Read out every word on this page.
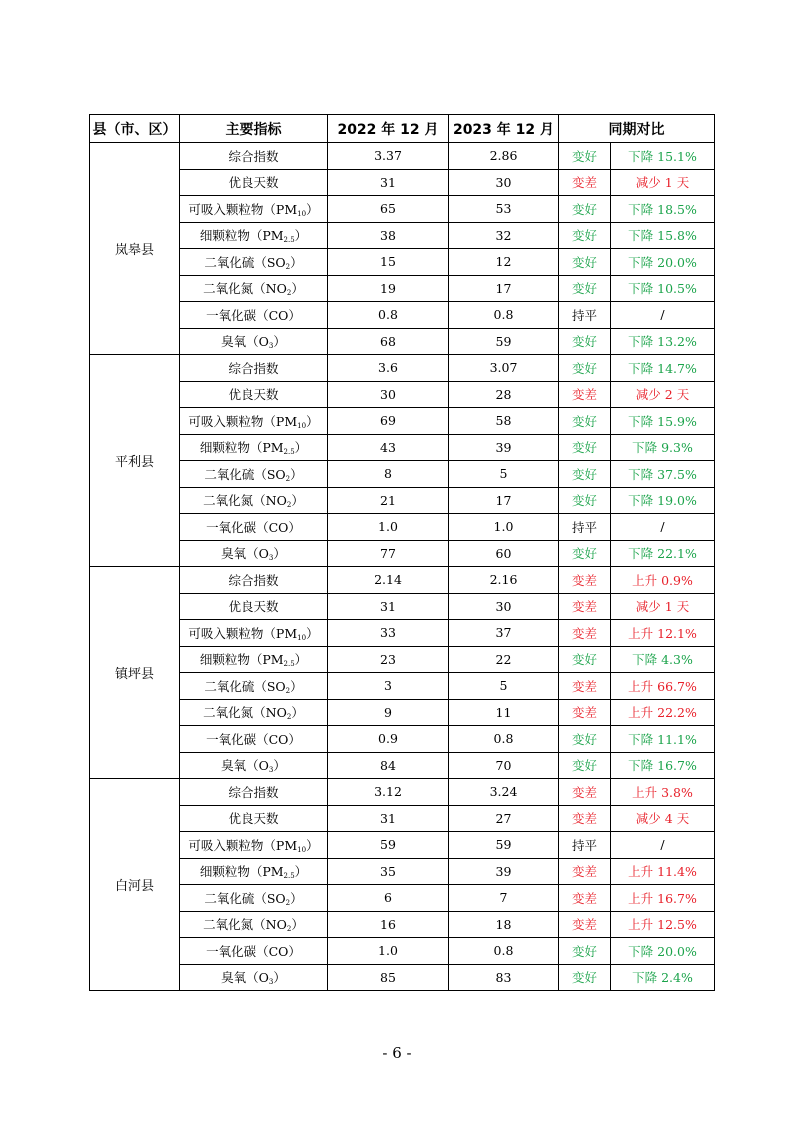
县（市、区）	主要指标	2022 年 12 月	2023 年 12 月	同期对比	
岚皋县	综合指数	3.37	2.86	变好	下降 15.1%
	优良天数	31	30	变差	减少 1 天
	可吸入颗粒物$(PM_{10})$	65	53	变好	下降 18.5%
	细颗粒物$(PM_{2.5})$	38	32	变好	下降 15.8%
	二氧化硫$(SO_2)$	15	12	变好	下降 20.0%
	二氧化氮$(NO_2)$	19	17	变好	下降 10.5%
	一氧化碳（CO）	0.8	0.8	持平	/
	臭氧$(O_3)$	68	59	变好	下降 13.2%
平利县	综合指数	3.6	3.07	变好	下降 14.7%
	优良天数	30	28	变差	减少 2 天
	可吸入颗粒物$(PM_{10})$	69	58	变好	下降 15.9%
	细颗粒物$(PM_{2.5})$	43	39	变好	下降 9.3%
	二氧化硫$(SO_2)$	8	5	变好	下降 37.5%
	二氧化氮$(NO_2)$	21	17	变好	下降 19.0%
	一氧化碳（CO）	1.0	1.0	持平	/
	臭氧$(O_3)$	77	60	变好	下降 22.1%
镇坪县	综合指数	2.14	2.16	变差	上升 0.9%
	优良天数	31	30	变差	减少 1 天
	可吸入颗粒物$(PM_{10})$	33	37	变差	上升 12.1%
	细颗粒物$(PM_{2.5})$	23	22	变好	下降 4.3%
	二氧化硫$(SO_2)$	3	5	变差	上升 66.7%
	二氧化氮$(NO_2)$	9	11	变差	上升 22.2%
	一氧化碳（CO）	0.9	0.8	变好	下降 11.1%
	臭氧$(O_3)$	84	70	变好	下降 16.7%
白河县	综合指数	3.12	3.24	变差	上升 3.8%
	优良天数	31	27	变差	减少 4 天
	可吸入颗粒物$(PM_{10})$	59	59	持平	/
	细颗粒物$(PM_{2.5})$	35	39	变差	上升 11.4%
	二氧化硫$(SO_2)$	6	7	变差	上升 16.7%
	二氧化氮$(NO_2)$	16	18	变差	上升 12.5%
	一氧化碳（CO）	1.0	0.8	变好	下降 20.0%
	臭氧$(O_3)$	85	83	变好	下降 2.4%
- 6 -
